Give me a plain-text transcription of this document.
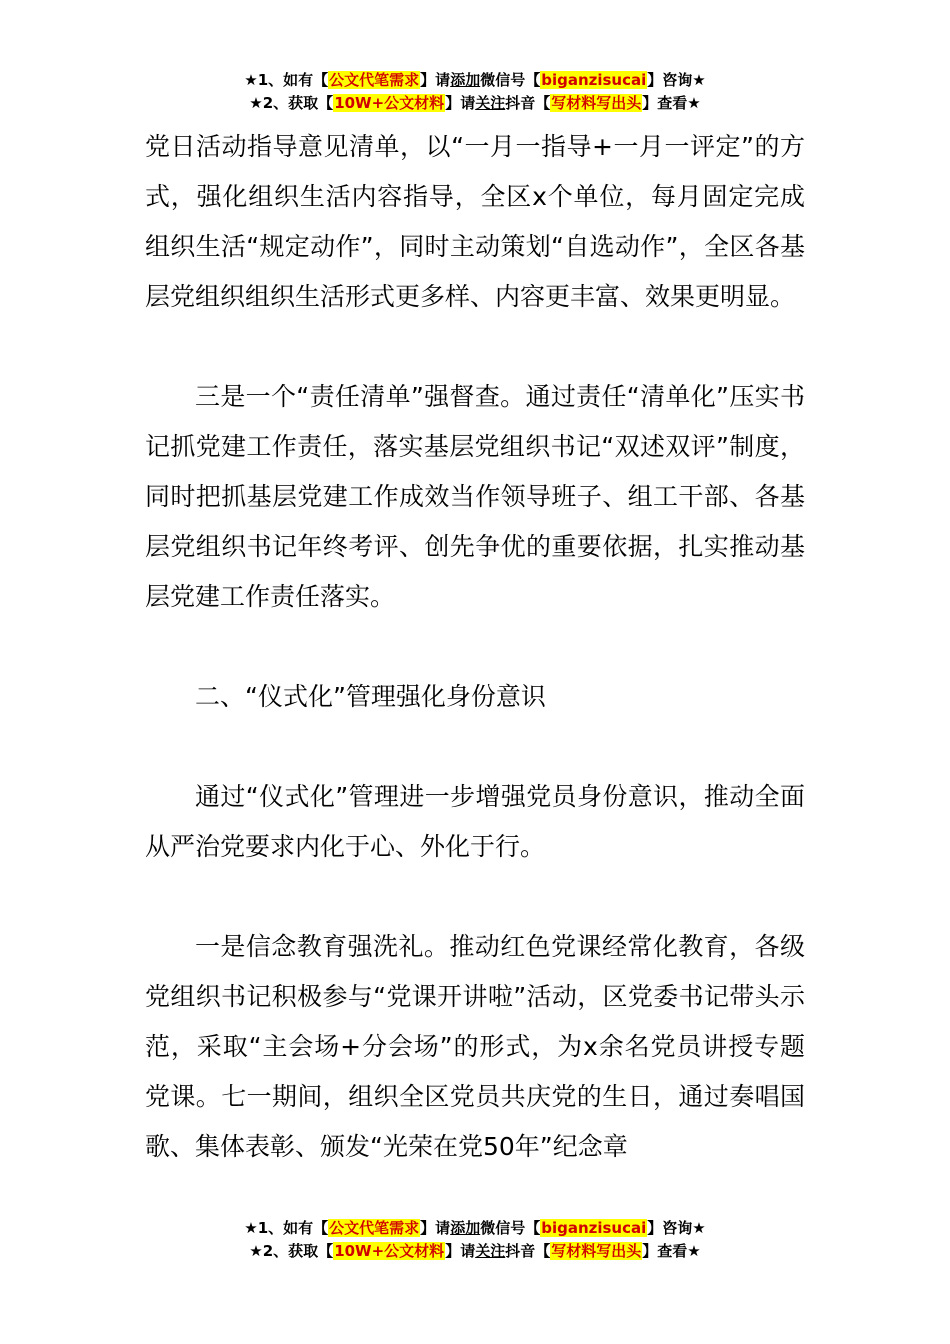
★1、如有【公文代笔需求】请添加微信号【biganzisucai】咨询★
★2、获取【10W+公文材料】请关注抖音【写材料写出头】查看★

党日活动指导意见清单，以“一月一指导+一月一评定”的方式，强化组织生活内容指导，全区x个单位，每月固定完成组织生活“规定动作”，同时主动策划“自选动作”，全区各基层党组织组织生活形式更多样、内容更丰富、效果更明显。

三是一个“责任清单”强督查。通过责任“清单化”压实书记抓党建工作责任，落实基层党组织书记“双述双评”制度，同时把抓基层党建工作成效当作领导班子、组工干部、各基层党组织书记年终考评、创先争优的重要依据，扎实推动基层党建工作责任落实。

二、“仪式化”管理强化身份意识

通过“仪式化”管理进一步增强党员身份意识，推动全面从严治党要求内化于心、外化于行。

一是信念教育强洗礼。推动红色党课经常化教育，各级党组织书记积极参与“党课开讲啦”活动，区党委书记带头示范，采取“主会场+分会场”的形式，为x余名党员讲授专题党课。七一期间，组织全区党员共庆党的生日，通过奏唱国歌、集体表彰、颁发“光荣在党50年”纪念章

★1、如有【公文代笔需求】请添加微信号【biganzisucai】咨询★
★2、获取【10W+公文材料】请关注抖音【写材料写出头】查看★
